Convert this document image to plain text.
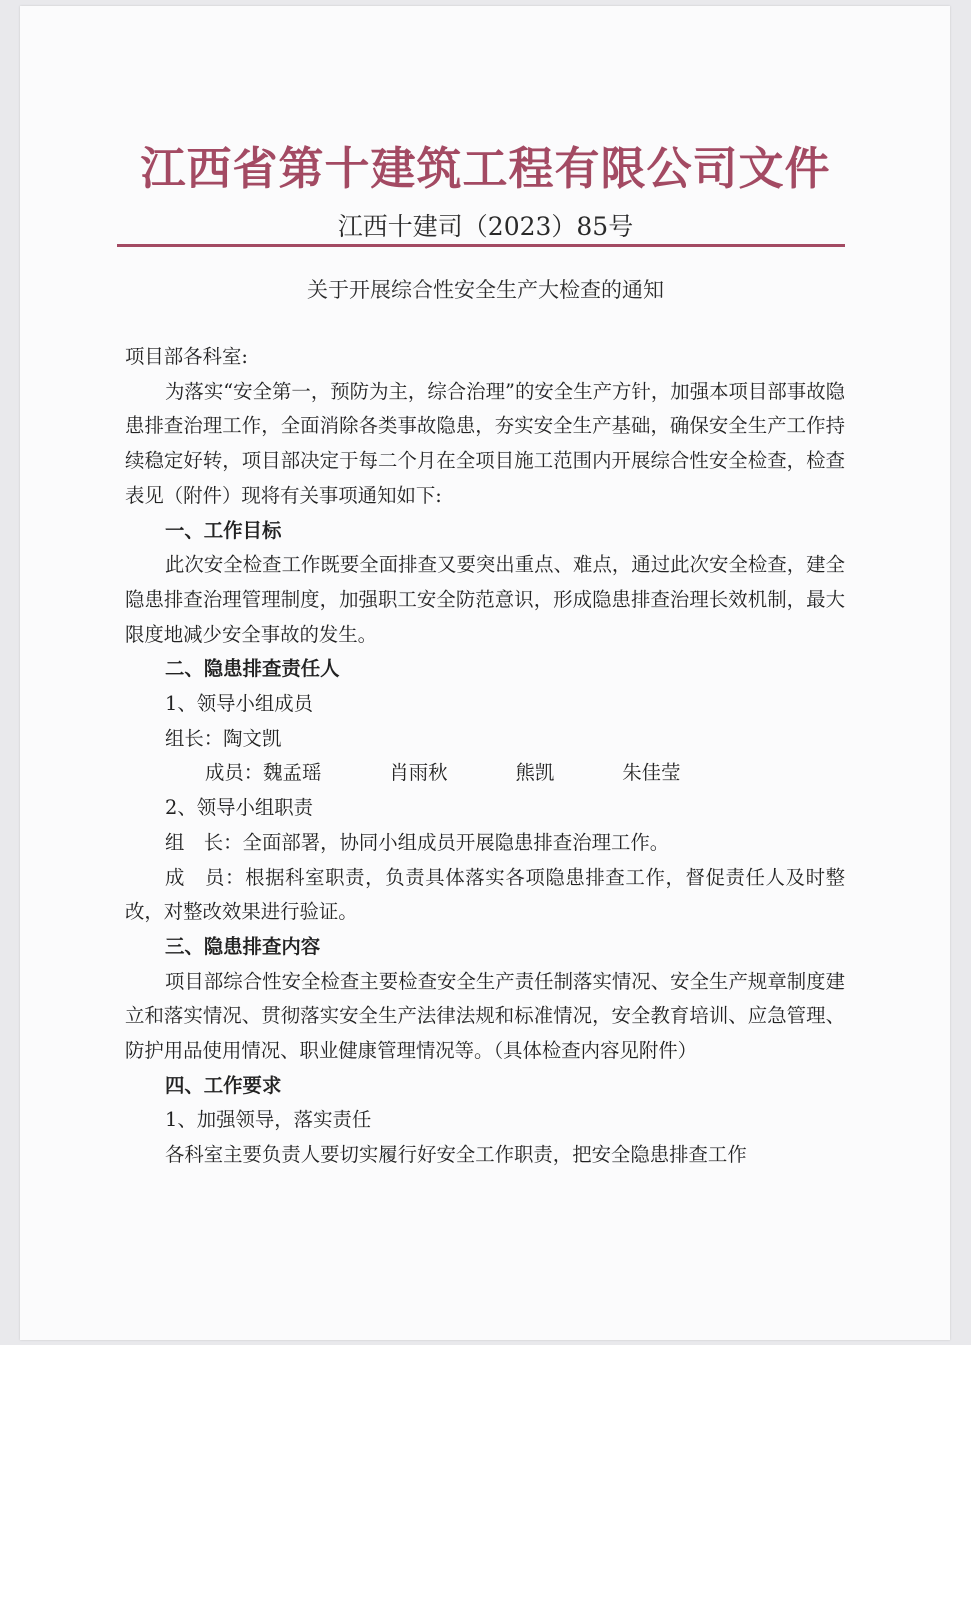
江西省第十建筑工程有限公司文件
江西十建司（2023）85号
关于开展综合性安全生产大检查的通知

项目部各科室:

为落实“安全第一，预防为主，综合治理”的安全生产方针，加强本项目部事故隐患排查治理工作，全面消除各类事故隐患，夯实安全生产基础，确保安全生产工作持续稳定好转，项目部决定于每二个月在全项目施工范围内开展综合性安全检查，检查表见（附件）现将有关事项通知如下:

一、工作目标

此次安全检查工作既要全面排查又要突出重点、难点，通过此次安全检查，建全隐患排查治理管理制度，加强职工安全防范意识，形成隐患排查治理长效机制，最大限度地减少安全事故的发生。

二、隐患排查责任人

1、领导小组成员

组长：陶文凯

成员：魏孟瑶	肖雨秋	熊凯	朱佳莹

2、领导小组职责

组　长：全面部署，协同小组成员开展隐患排查治理工作。

成　员：根据科室职责，负责具体落实各项隐患排查工作，督促责任人及时整改，对整改效果进行验证。

三、隐患排查内容

项目部综合性安全检查主要检查安全生产责任制落实情况、安全生产规章制度建立和落实情况、贯彻落实安全生产法律法规和标准情况，安全教育培训、应急管理、防护用品使用情况、职业健康管理情况等。（具体检查内容见附件）

四、工作要求

1、加强领导，落实责任

各科室主要负责人要切实履行好安全工作职责，把安全隐患排查工作
